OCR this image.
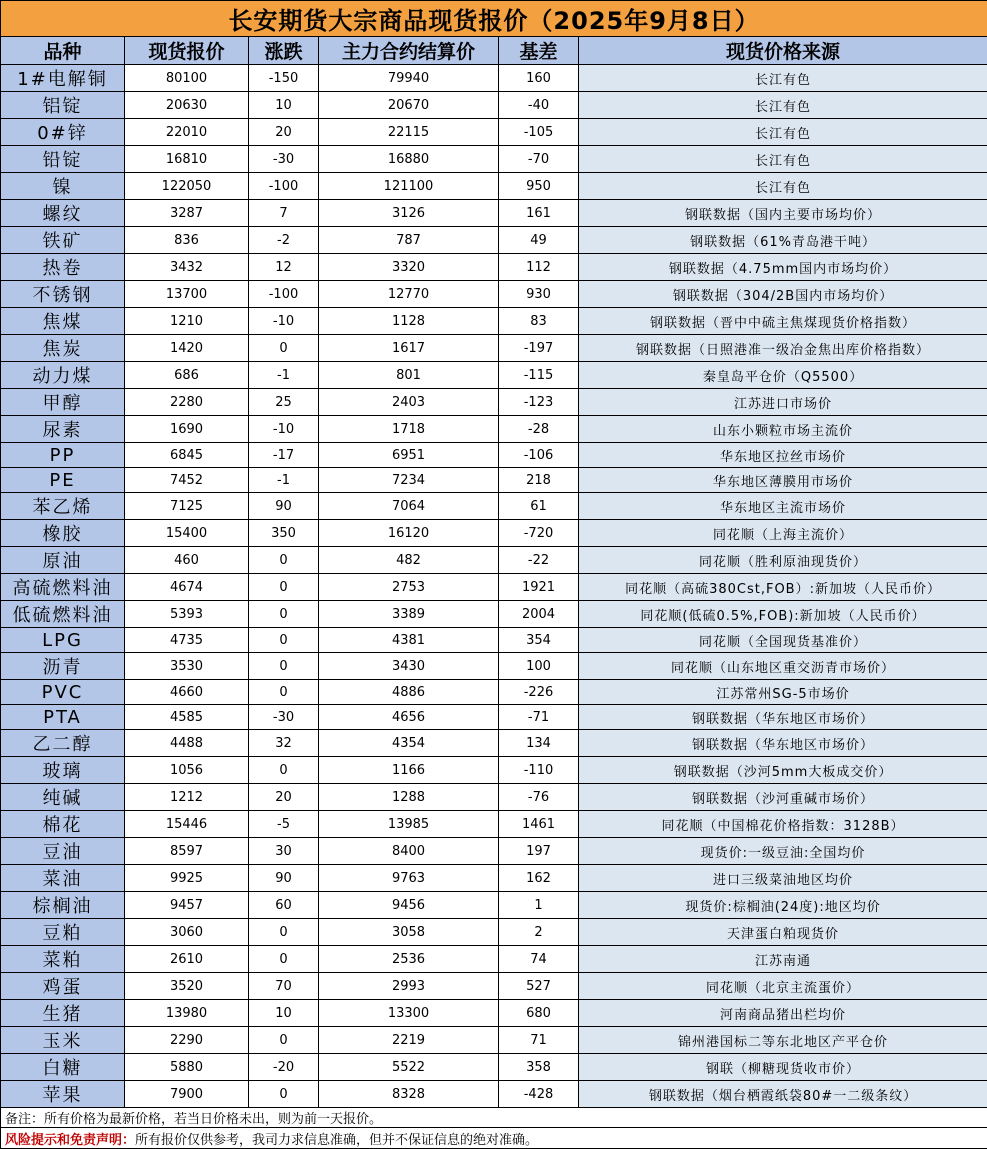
长安期货大宗商品现货报价（2025年9月8日）					
品种	现货报价	涨跌	主力合约结算价	基差	现货价格来源
1#电解铜	80100	-150	79940	160	长江有色
铝锭	20630	10	20670	-40	长江有色
0#锌	22010	20	22115	-105	长江有色
铅锭	16810	-30	16880	-70	长江有色
镍	122050	-100	121100	950	长江有色
螺纹	3287	7	3126	161	钢联数据（国内主要市场均价）
铁矿	836	-2	787	49	钢联数据（61%青岛港干吨）
热卷	3432	12	3320	112	钢联数据（4.75mm国内市场均价）
不锈钢	13700	-100	12770	930	钢联数据（304/2B国内市场均价）
焦煤	1210	-10	1128	83	钢联数据（晋中中硫主焦煤现货价格指数）
焦炭	1420	0	1617	-197	钢联数据（日照港准一级冶金焦出库价格指数）
动力煤	686	-1	801	-115	秦皇岛平仓价（Q5500）
甲醇	2280	25	2403	-123	江苏进口市场价
尿素	1690	-10	1718	-28	山东小颗粒市场主流价
PP	6845	-17	6951	-106	华东地区拉丝市场价
PE	7452	-1	7234	218	华东地区薄膜用市场价
苯乙烯	7125	90	7064	61	华东地区主流市场价
橡胶	15400	350	16120	-720	同花顺（上海主流价）
原油	460	0	482	-22	同花顺（胜利原油现货价）
高硫燃料油	4674	0	2753	1921	同花顺（高硫380Cst,FOB）:新加坡（人民币价）
低硫燃料油	5393	0	3389	2004	同花顺(低硫0.5%,FOB):新加坡（人民币价）
LPG	4735	0	4381	354	同花顺（全国现货基准价）
沥青	3530	0	3430	100	同花顺（山东地区重交沥青市场价）
PVC	4660	0	4886	-226	江苏常州SG-5市场价
PTA	4585	-30	4656	-71	钢联数据（华东地区市场价）
乙二醇	4488	32	4354	134	钢联数据（华东地区市场价）
玻璃	1056	0	1166	-110	钢联数据（沙河5mm大板成交价）
纯碱	1212	20	1288	-76	钢联数据（沙河重碱市场价）
棉花	15446	-5	13985	1461	同花顺（中国棉花价格指数：3128B）
豆油	8597	30	8400	197	现货价:一级豆油:全国均价
菜油	9925	90	9763	162	进口三级菜油地区均价
棕榈油	9457	60	9456	1	现货价:棕榈油(24度):地区均价
豆粕	3060	0	3058	2	天津蛋白粕现货价
菜粕	2610	0	2536	74	江苏南通
鸡蛋	3520	70	2993	527	同花顺（北京主流蛋价）
生猪	13980	10	13300	680	河南商品猪出栏均价
玉米	2290	0	2219	71	锦州港国标二等东北地区产平仓价
白糖	5880	-20	5522	358	钢联（柳糖现货收市价）
苹果	7900	0	8328	-428	钢联数据（烟台栖霞纸袋80#一二级条纹）
备注：所有价格为最新价格，若当日价格未出，则为前一天报价。					
风险提示和免责声明：所有报价仅供参考，我司力求信息准确，但并不保证信息的绝对准确。					
